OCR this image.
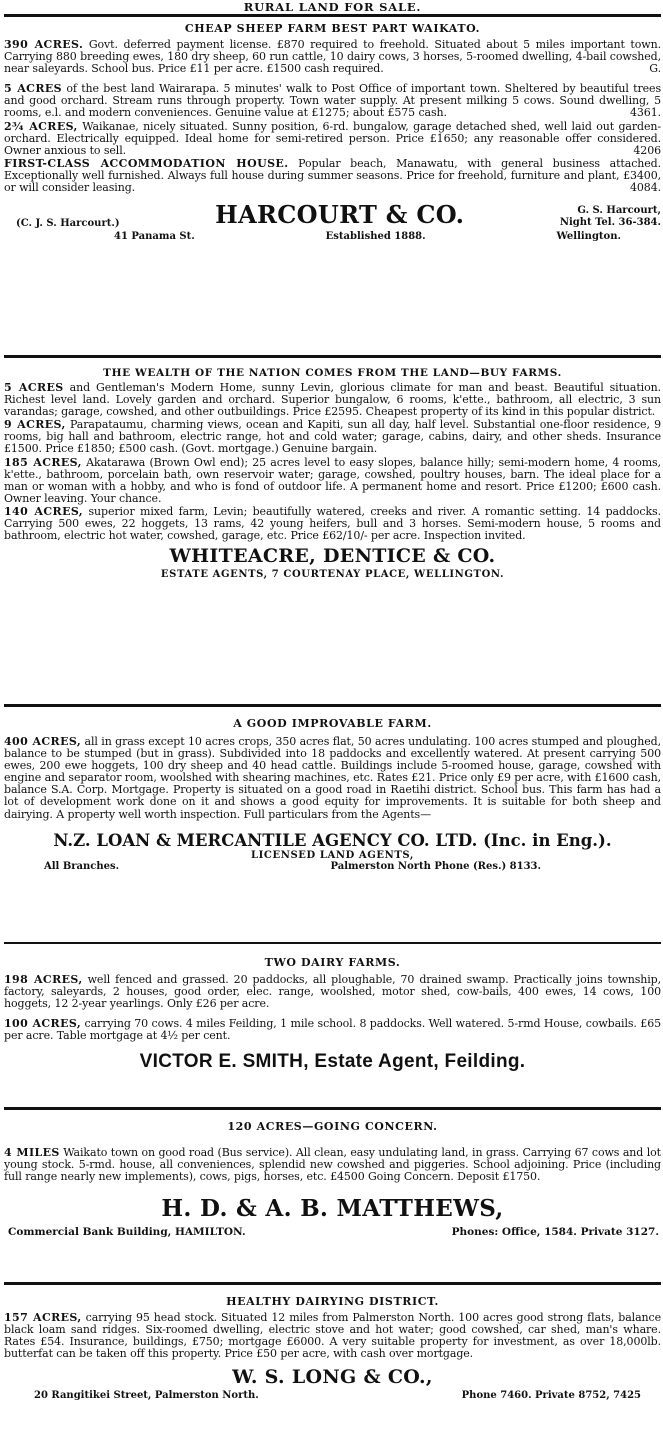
RURAL LAND FOR SALE.
CHEAP SHEEP FARM BEST PART WAIKATO.

390 ACRES. Govt. deferred payment license. £870 required to freehold. Situated about 5 miles important town. Carrying 880 breeding ewes, 180 dry sheep, 60 run cattle, 10 dairy cows, 3 horses, 5-roomed dwelling, 4-bail cowshed, near saleyards. School bus. Price £11 per acre. £1500 cash required.	G.

5 ACRES of the best land Wairarapa. 5 minutes' walk to Post Office of important town. Sheltered by beautiful trees and good orchard. Stream runs through property. Town water supply. At present milking 5 cows. Sound dwelling, 5 rooms, e.l. and modern conveniences. Genuine value at £1275; about £575 cash.	4361.

2¾ ACRES, Waikanae, nicely situated. Sunny position, 6-rd. bungalow, garage detached shed, well laid out garden-orchard. Electrically equipped. Ideal home for semi-retired person. Price £1650; any reasonable offer considered. Owner anxious to sell.	4206

FIRST-CLASS ACCOMMODATION HOUSE. Popular beach, Manawatu, with general business attached. Exceptionally well furnished. Always full house during summer seasons. Price for freehold, furniture and plant, £3400, or will consider leasing.	4084.

(C. J. S. Harcourt.)	HARCOURT & CO.	G. S. Harcourt,
Night Tel. 36-384.
41 Panama St.	Established 1888.	Wellington.
THE WEALTH OF THE NATION COMES FROM THE LAND—BUY FARMS.

5 ACRES and Gentleman's Modern Home, sunny Levin, glorious climate for man and beast. Beautiful situation. Richest level land. Lovely garden and orchard. Superior bungalow, 6 rooms, k'ette., bathroom, all electric, 3 sun varandas; garage, cowshed, and other outbuildings. Price £2595. Cheapest property of its kind in this popular district.

9 ACRES, Parapataumu, charming views, ocean and Kapiti, sun all day, half level. Substantial one-floor residence, 9 rooms, big hall and bathroom, electric range, hot and cold water; garage, cabins, dairy, and other sheds. Insurance £1500. Price £1850; £500 cash. (Govt. mortgage.) Genuine bargain.

185 ACRES, Akatarawa (Brown Owl end); 25 acres level to easy slopes, balance hilly; semi-modern home, 4 rooms, k'ette., bathroom, porcelain bath, own reservoir water; garage, cowshed, poultry houses, barn. The ideal place for a man or woman with a hobby, and who is fond of outdoor life. A permanent home and resort. Price £1200; £600 cash. Owner leaving. Your chance.

140 ACRES, superior mixed farm, Levin; beautifully watered, creeks and river. A romantic setting. 14 paddocks. Carrying 500 ewes, 22 hoggets, 13 rams, 42 young heifers, bull and 3 horses. Semi-modern house, 5 rooms and bathroom, electric hot water, cowshed, garage, etc. Price £62/10/- per acre. Inspection invited.

WHITEACRE, DENTICE & CO.
ESTATE AGENTS, 7 COURTENAY PLACE, WELLINGTON.
A GOOD IMPROVABLE FARM.

400 ACRES, all in grass except 10 acres crops, 350 acres flat, 50 acres undulating. 100 acres stumped and ploughed, balance to be stumped (but in grass). Subdivided into 18 paddocks and excellently watered. At present carrying 500 ewes, 200 ewe hoggets, 100 dry sheep and 40 head cattle. Buildings include 5-roomed house, garage, cowshed with engine and separator room, woolshed with shearing machines, etc. Rates £21. Price only £9 per acre, with £1600 cash, balance S.A. Corp. Mortgage. Property is situated on a good road in Raetihi district. School bus. This farm has had a lot of development work done on it and shows a good equity for improvements. It is suitable for both sheep and dairying. A property well worth inspection. Full particulars from the Agents—

N.Z. LOAN & MERCANTILE AGENCY CO. LTD. (Inc. in Eng.).
LICENSED LAND AGENTS,
All Branches.	Palmerston North Phone (Res.) 8133.
TWO DAIRY FARMS.

198 ACRES, well fenced and grassed. 20 paddocks, all ploughable, 70 drained swamp. Practically joins township, factory, saleyards, 2 houses, good order, elec. range, woolshed, motor shed, cow-bails, 400 ewes, 14 cows, 100 hoggets, 12 2-year yearlings. Only £26 per acre.

100 ACRES, carrying 70 cows. 4 miles Feilding, 1 mile school. 8 paddocks. Well watered. 5-rmd House, cowbails. £65 per acre. Table mortgage at 4½ per cent.

VICTOR E. SMITH, Estate Agent, Feilding.
120 ACRES—GOING CONCERN.

4 MILES Waikato town on good road (Bus service). All clean, easy undulating land, in grass. Carrying 67 cows and lot young stock. 5-rmd. house, all conveniences, splendid new cowshed and piggeries. School adjoining. Price (including full range nearly new implements), cows, pigs, horses, etc. £4500 Going Concern. Deposit £1750.

H. D. & A. B. MATTHEWS,
Commercial Bank Building, HAMILTON.	Phones: Office, 1584. Private 3127.
HEALTHY DAIRYING DISTRICT.

157 ACRES, carrying 95 head stock. Situated 12 miles from Palmerston North. 100 acres good strong flats, balance black loam sand ridges. Six-roomed dwelling, electric stove and hot water; good cowshed, car shed, man's whare. Rates £54. Insurance, buildings, £750; mortgage £6000. A very suitable property for investment, as over 18,000lb. butterfat can be taken off this property. Price £50 per acre, with cash over mortgage.

W. S. LONG & CO.,
20 Rangitikei Street, Palmerston North.	Phone 7460. Private 8752, 7425
